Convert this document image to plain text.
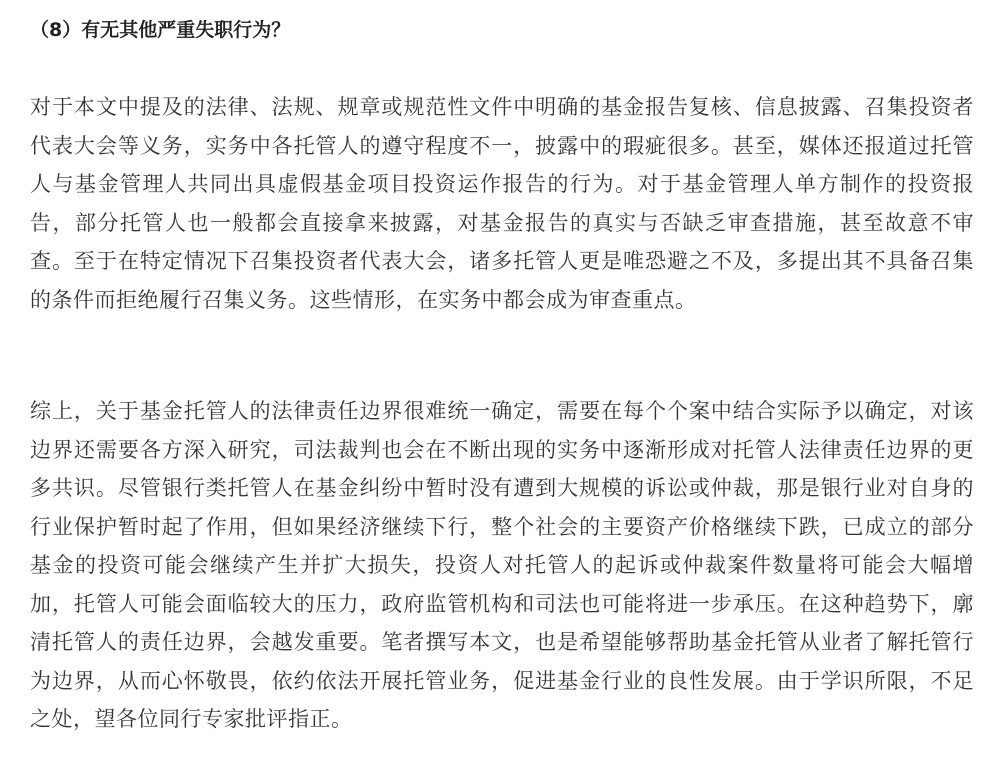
（8）有无其他严重失职行为？

对于本文中提及的法律、法规、规章或规范性文件中明确的基金报告复核、信息披露、召集投资者代表大会等义务，实务中各托管人的遵守程度不一，披露中的瑕疵很多。甚至，媒体还报道过托管人与基金管理人共同出具虚假基金项目投资运作报告的行为。对于基金管理人单方制作的投资报告，部分托管人也一般都会直接拿来披露，对基金报告的真实与否缺乏审查措施，甚至故意不审查。至于在特定情况下召集投资者代表大会，诸多托管人更是唯恐避之不及，多提出其不具备召集的条件而拒绝履行召集义务。这些情形，在实务中都会成为审查重点。

综上，关于基金托管人的法律责任边界很难统一确定，需要在每个个案中结合实际予以确定，对该边界还需要各方深入研究，司法裁判也会在不断出现的实务中逐渐形成对托管人法律责任边界的更多共识。尽管银行类托管人在基金纠纷中暂时没有遭到大规模的诉讼或仲裁，那是银行业对自身的行业保护暂时起了作用，但如果经济继续下行，整个社会的主要资产价格继续下跌，已成立的部分基金的投资可能会继续产生并扩大损失，投资人对托管人的起诉或仲裁案件数量将可能会大幅增加，托管人可能会面临较大的压力，政府监管机构和司法也可能将进一步承压。在这种趋势下，廓清托管人的责任边界，会越发重要。笔者撰写本文，也是希望能够帮助基金托管从业者了解托管行为边界，从而心怀敬畏，依约依法开展托管业务，促进基金行业的良性发展。由于学识所限，不足之处，望各位同行专家批评指正。
